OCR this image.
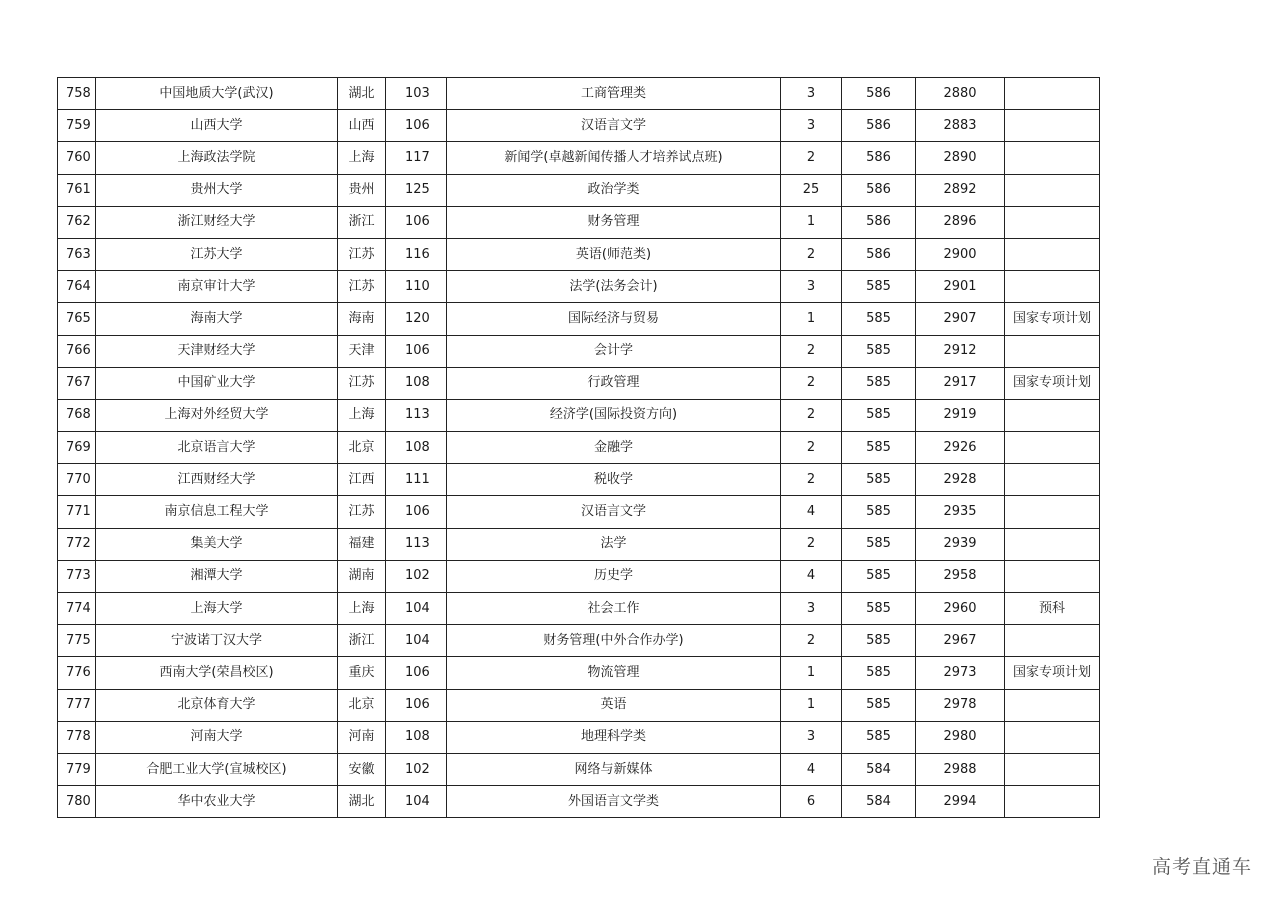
758	中国地质大学(武汉)	湖北	103	工商管理类	3	586	2880	
759	山西大学	山西	106	汉语言文学	3	586	2883	
760	上海政法学院	上海	117	新闻学(卓越新闻传播人才培养试点班)	2	586	2890	
761	贵州大学	贵州	125	政治学类	25	586	2892	
762	浙江财经大学	浙江	106	财务管理	1	586	2896	
763	江苏大学	江苏	116	英语(师范类)	2	586	2900	
764	南京审计大学	江苏	110	法学(法务会计)	3	585	2901	
765	海南大学	海南	120	国际经济与贸易	1	585	2907	国家专项计划
766	天津财经大学	天津	106	会计学	2	585	2912	
767	中国矿业大学	江苏	108	行政管理	2	585	2917	国家专项计划
768	上海对外经贸大学	上海	113	经济学(国际投资方向)	2	585	2919	
769	北京语言大学	北京	108	金融学	2	585	2926	
770	江西财经大学	江西	111	税收学	2	585	2928	
771	南京信息工程大学	江苏	106	汉语言文学	4	585	2935	
772	集美大学	福建	113	法学	2	585	2939	
773	湘潭大学	湖南	102	历史学	4	585	2958	
774	上海大学	上海	104	社会工作	3	585	2960	预科
775	宁波诺丁汉大学	浙江	104	财务管理(中外合作办学)	2	585	2967	
776	西南大学(荣昌校区)	重庆	106	物流管理	1	585	2973	国家专项计划
777	北京体育大学	北京	106	英语	1	585	2978	
778	河南大学	河南	108	地理科学类	3	585	2980	
779	合肥工业大学(宣城校区)	安徽	102	网络与新媒体	4	584	2988	
780	华中农业大学	湖北	104	外国语言文学类	6	584	2994	
高考直通车
